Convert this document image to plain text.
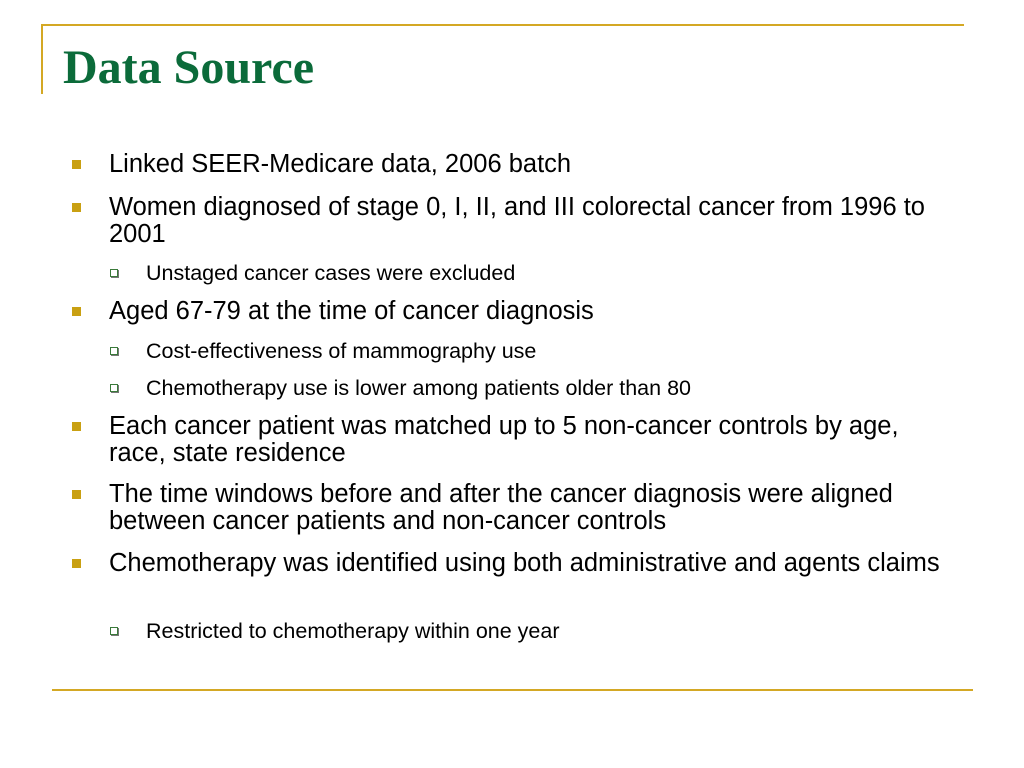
Data Source
Linked SEER-Medicare data, 2006 batch
Women diagnosed of stage 0, I, II, and III colorectal cancer from 1996 to 2001
Unstaged cancer cases were excluded
Aged 67-79 at the time of cancer diagnosis
Cost-effectiveness of mammography use
Chemotherapy use is lower among patients older than 80
Each cancer patient was matched up to 5 non-cancer controls by age, race, state residence
The time windows before and after the cancer diagnosis were aligned between cancer patients and non-cancer controls
Chemotherapy was identified using both administrative and agents claims
Restricted to chemotherapy within one year
